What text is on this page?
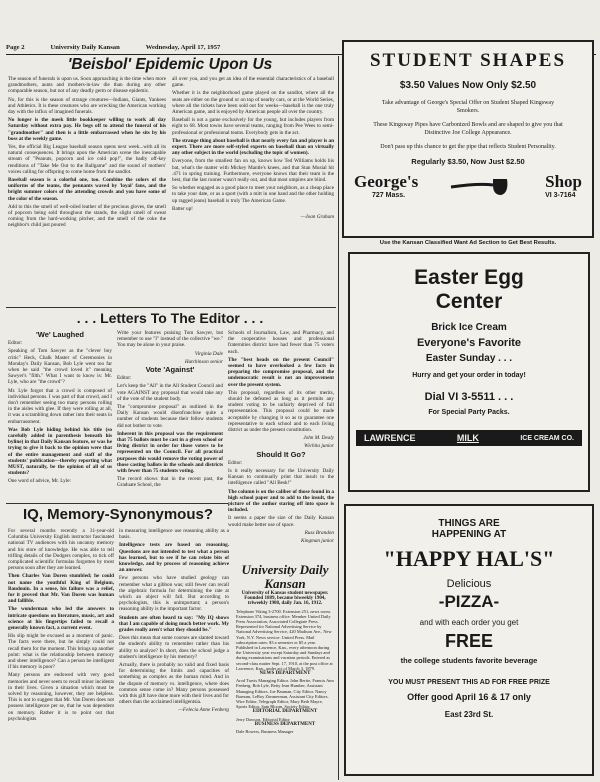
Page 2	University Daily Kansan	Wednesday, April 17, 1957
'Beisbol' Epidemic Upon Us

The season of funerals is upon us. Soon approaching is the time when more grandmothers, aunts and mothers-in-law die than during any other comparable season, but not of any deadly germ or disease epidemic.

No, for this is the season of strange creatures—Indians, Giants, Yankees and Athletics. It is these creatures who are wrecking the American working day with the influx of imagined funerals.

No longer is the meek little bookkeeper willing to work all day Saturday without extra pay. He begs off to attend the funeral of his "grandmother" and then is a little embarrassed when he sits by his boss at the weekly game.

Yes, the official Big League baseball season opens next week...with all its natural consequences. It brings upon the American scene the inescapable stream of "Peanuts, popcorn and ice cold pop!", the badly off-key renditions of "Take Me Out to the Ballgame" and the sound of mothers' voices calling for offspring to come home from the sandlot.

Baseball season is a colorful one, too. Combine the colors of the uniforms of the teams, the pennants waved by 'loyal' fans, and the bright summer colors of the attending crowds and you have some of the color of the season.

Add to this the smell of well-oiled leather of the precious gloves, the smell of popcorn being sold throughout the stands, the slight smell of sweat coming from the hard-working pitcher, and the smell of the coke the neighbor's child just poured

all over you, and you get an idea of the essential characteristics of a baseball game.

Whether it is the neighborhood game played on the sandlot, where all the seats are either on the ground or on top of nearby cars, or at the World Series, where all the tickets have been sold out for weeks—baseball is the one truly American game, and is enjoyed by American people all over the country.

Baseball is not a game exclusively for the young, but includes players from eight to 68. Most towns have several teams, ranging from Pee Wees to semi-professional or professional teams. Everybody gets in the act.

The strange thing about baseball is that nearly every fan and player is an expert. There are more self-styled experts on baseball than on virtually any other subject in the world (excluding the topic of women).

Everyone, from the smallest fan on up, knows how Ted Williams holds his bat, what's the matter with Mickey Mantle's knees, and that Stan Musial hit .471 in spring training. Furthermore, everyone knows that their team is the best, that the last runner wasn't really out, and that most umpires are blind.

So whether engaged as a good place to meet your neighbors, as a cheap place to take your date, or as a sport (with a mitt in one hand and the other holding up ragged jeans) baseball is truly The American Game.

Batter up!

—Joan Graham

. . . Letters To The Editor . . .
'We' Laughed

Editor:

Speaking of Tom Sawyer as the "clever boy critic" Heck, Chalk Master of Ceremonies in Monday's Daily Kansan, Bob Lyle went too far when he said "the crowd loved it" meaning Sawyer's "filth." What I want to know is: Mr. Lyle, who are "the crowd"?

Mr. Lyle forgot that a crowd is composed of individual persons. I was part of that crowd, and I don't remember seeing too many persons rolling in the aisles with glee. If they were rolling at all, it was a scrambling down rather into their seats in embarrassment.

Was Bob Lyle hiding behind his title (so carefully added in parenthesis beneath his byline) in that Daily Kansan feature, or was he trying to give it back to the opinion were that of the entire management and staff of the students' publication—thereby reporting what MUST, naturally, be the opinion of all of us students?

One word of advice, Mr. Lyle:

Write your features praising Tom Sawyer, but remember to use "I" instead of the collective "we." You may be alone in your praise.

Virginia Dale

Hutchinson senior

Vote 'Against'

Editor:

Let's keep the "All" in the All Student Council and vote AGAINST any proposal that would take any of the vote of the student body.

The "compromise proposal" as outlined in the Daily Kansan would disenfranchise quite a number of students because their fellow students did not bother to vote.

Inherent in this proposal was the requirement that 75 ballots must be cast in a given school or living district in order for those voters to be represented on the Council. For all practical purposes this would remove the voting power of those casting ballots in the schools and districts with fewer than 75 students voting.

The record shows that in the recent past, the Graduate School, the

Schools of Journalism, Law, and Pharmacy, and the cooperative houses and professional fraternities district have had fewer than 75 voters each.

The "best heads on the present Council" seemed to have overlooked a few facts in preparing the compromise proposal, and the undemocratic result is not an improvement over the present system.

This proposal, regardless of its other merits, should be defeated as long as it permits any student voting to be unfairly deprived of full representation. This proposal could be made acceptable by changing it so as to guarantee one representative to each school and to each living district as under the present constitution.

John M. Dealy

Wichita junior

Should It Go?

Editor:

Is it really necessary for the University Daily Kansan to continually print that insult to the intelligence called "All Besk!"

The column is on the caliber of those found in a high school paper and to add to the insult, the picture of the author staring off into space is included.

It seems a paper the size of the Daily Kansan would make better use of space.

Russ Brandon

Kingman junior

IQ, Memory-Synonymous?

For several months recently a 31-year-old Columbia University English instructor fascinated national TV audiences with his uncanny memory and his store of knowledge. He was able to tell trifling details of the Dodgers complex, to tick off complicated scientific formulas forgotten by most persons soon after they are learned.

Then Charles Van Doren stumbled; he could not name the youthful King of Belgium, Baudouin. In a sense, his failure was a relief, for it proved that Mr. Van Doren was human and fallible.

The wonderman who led the answers to intricate questions on literature, music, art and science at his fingertips failed to recall a generally known fact, a current event.

His slip might be excused as a moment of panic. The facts were there, but he simply could not recall them for the moment. This brings up another point: what is the relationship between memory and sheer intelligence? Can a person be intelligent if his memory is poor?

Many persons are endowed with very good memories and never seem to recall minor incidents in their lives. Given a situation which must be solved by reasoning, however, they are helpless. This is not to suggest that Mr. Van Doren does not possess intelligence per se, that he was dependent on memory. Rather it is to point out that psychologists

in measuring intelligence use reasoning ability as a basis.

Intelligence tests are based on reasoning. Questions are not intended to test what a person has learned, but to see if he can relate bits of knowledge, and by process of reasoning achieve an answer.

Few persons who have studied geology can remember what a gibbon was; still fewer can recall the algebraic formula for determining the rate at which an object will fall. But according to psychologists, this is unimportant; a person's reasoning ability is the important factor.

Students are often heard to say: "My IQ shows that I am capable of doing much better work. My grades really aren't what they should be."

Does this mean that some courses are slanted toward the student's ability to remember rather than his ability to analyze? In short, does the school judge a student's intelligence by his memory?

Actually, there is probably no valid and fixed basis for determining the limits and capacities of something as complex as the human mind. And in the dispute of memory vs. intelligence, where does common sense come in? Many persons possessed with this gift have done more with their lives and for others than the acclaimed intelligentsia.

—Felecia Anne Fenberg

University Daily Kansan
University of Kansas student newspaper. Founded 1889, became biweekly 1904, triweekly 1908, daily Jan. 16, 1912.

Telephone Viking 3-2700. Extension 251, news room. Extension 374, business office. Member United Daily Press Association, Associated Collegiate Press. Represented for National Advertising Service by National Advertising Service, 420 Madison Ave., New York, N.Y. News service: United Press. Mail subscription rates: $3 a semester or $5 a year. Published in Lawrence, Kan., every afternoon during the University year except Saturday and Sundays and during examinations and vacation periods. Entered as second-class matter Sept. 17, 1910, at the post office at Lawrence, Kan., under act of March 3, 1879.

NEWS DEPARTMENT

Arod Travis Managing Editor. John Bertie, Francis Ann Fenberg, Bob Lyle, Betty Jean Humber, Assistant Managing Editors. Joe Bauman, City Editor. Nancy Barnum, LeRoy Zimmerman, Assistant City Editors. Wire Editor, Telegraph Editor, Mary Beth Mayre, Sports Editor, Sam Bloom, Society Editor.

EDITORIAL DEPARTMENT

Jerry Dawson, Editorial Editor

BUSINESS DEPARTMENT

Dale Bowers, Business Manager

STUDENT SHAPES
$3.50 Values Now Only $2.50
Take advantage of George's Special Offer on Student Shaped Kingsway Smokers.
These Kingsway Pipes have Carbonized Bowls and are shaped to give you that Distinctive Joe College Appearance.
Don't pass up this chance to get the pipe that reflects Student Personality.
Regularly $3.50, Now Just $2.50
George's
727 Mass.
Shop
VI 3-7164
Use the Kansan Classified Want Ad Section to Get Best Results.
Easter Egg
Center
Brick Ice Cream
Everyone's Favorite
Easter Sunday . . .
Hurry and get your order in today!
Dial VI 3-5511 . . .
For Special Party Packs.
LAWRENCE	MILK	ICE CREAM CO.
THINGS ARE
HAPPENING AT
"HAPPY HAL'S"
Delicious
-PIZZA-
and with each order you get
FREE
the college students favorite beverage
YOU MUST PRESENT THIS AD FOR FREE PRIZE
Offer good April 16 & 17 only
East 23rd St.
